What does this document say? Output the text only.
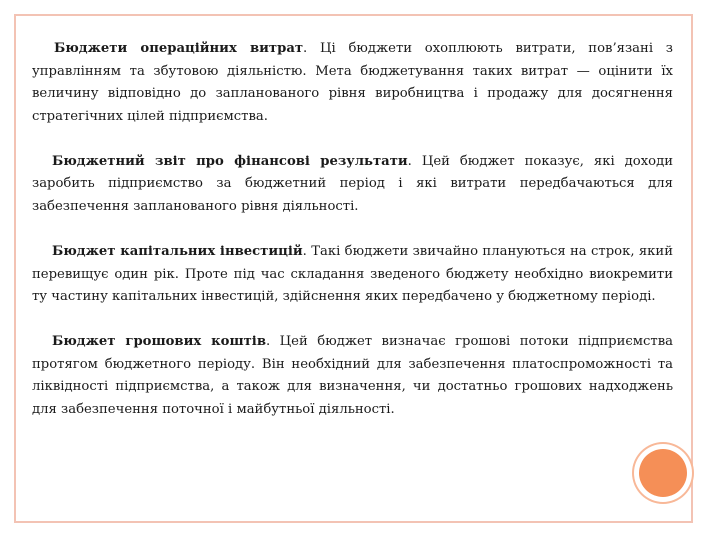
Бюджети операційних витрат. Ці бюджети охоплюють витрати, пов’язані з управлінням та збутовою діяльністю. Мета бюджетування таких витрат — оцінити їх величину відповідно до запланованого рівня виробництва і продажу для досягнення стратегічних цілей підприємства.

Бюджетний звіт про фінансові результати. Цей бюджет показує, які доходи заробить підприємство за бюджетний період і які витрати передбачаються для забезпечення запланованого рівня діяльності.

Бюджет капітальних інвестицій. Такі бюджети звичайно плануються на строк, який перевищує один рік. Проте під час складання зведеного бюджету необхідно виокремити ту частину капітальних інвестицій, здійснення яких передбачено у бюджетному періоді.

Бюджет грошових коштів. Цей бюджет визначає грошові потоки підприємства протягом бюджетного періоду. Він необхідний для забезпечення платоспроможності та ліквідності підприємства, а також для визначення, чи достатньо грошових надходжень для забезпечення поточної і майбутньої діяльності.
